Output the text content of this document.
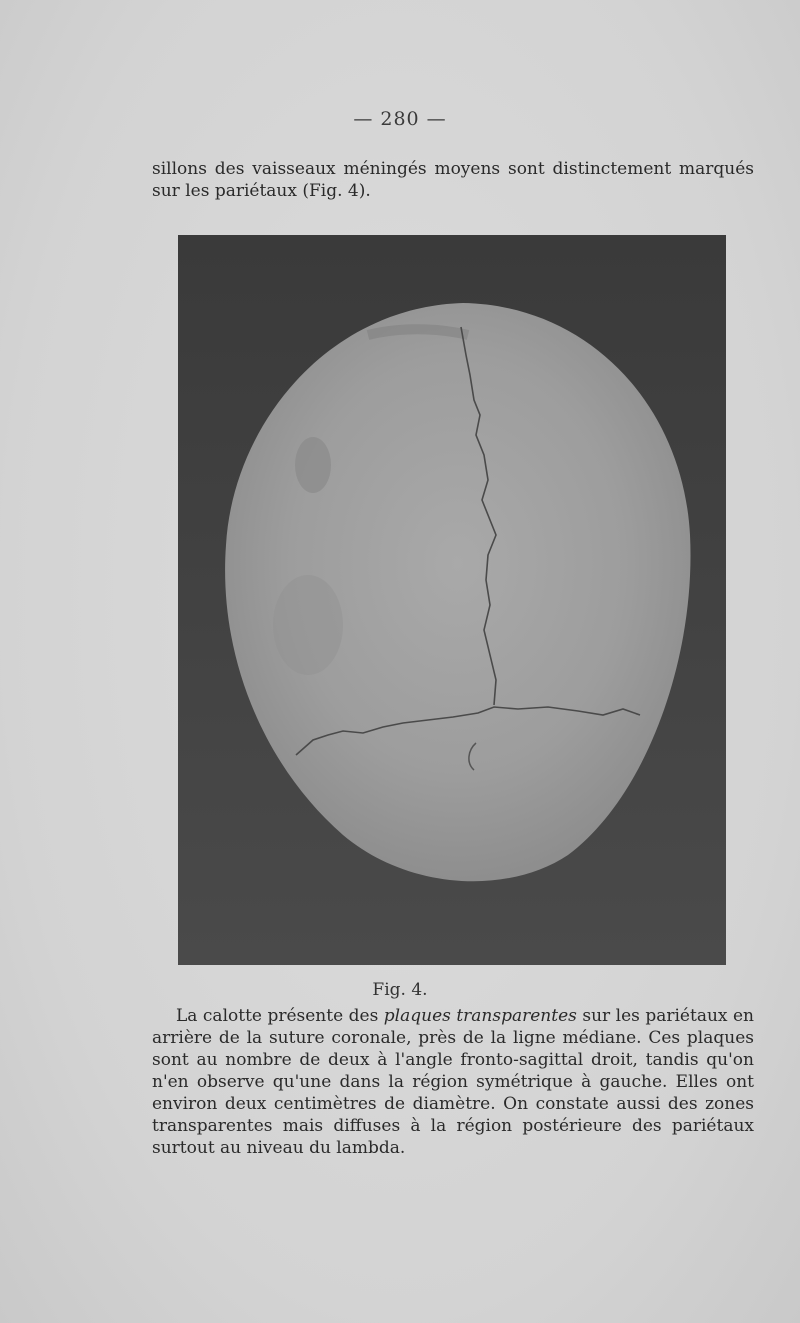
— 280 —
sillons des vaisseaux méningés moyens sont distinctement marqués sur les pariétaux (Fig. 4).
Fig. 4.
La calotte présente des plaques transparentes sur les pariétaux en arrière de la suture coronale, près de la ligne médiane. Ces plaques sont au nombre de deux à l'angle fronto-sagittal droit, tandis qu'on n'en observe qu'une dans la région symétrique à gauche. Elles ont environ deux centimètres de diamètre. On constate aussi des zones transparentes mais diffuses à la région postérieure des pariétaux surtout au niveau du lambda.
